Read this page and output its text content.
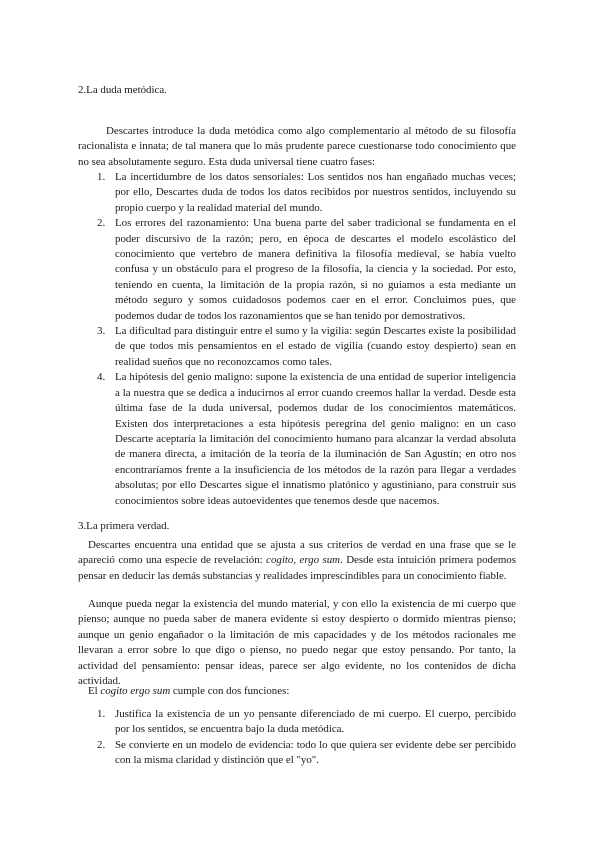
2.La duda metódica.
Descartes introduce la duda metódica como algo complementario al método de su filosofía racionalista e innata; de tal manera que lo más prudente parece cuestionarse todo conocimiento que no sea absolutamente seguro. Esta duda universal tiene cuatro fases:
1. La incertidumbre de los datos sensoriales: Los sentidos nos han engañado muchas veces; por ello, Descartes duda de todos los datos recibidos por nuestros sentidos, incluyendo su propio cuerpo y la realidad material del mundo.
2. Los errores del razonamiento: Una buena parte del saber tradicional se fundamenta en el poder discursivo de la razón; pero, en época de descartes el modelo escolástico del conocimiento que vertebro de manera definitiva la filosofía medieval, se había vuelto confusa y un obstáculo para el progreso de la filosofía, la ciencia y la sociedad. Por esto, teniendo en cuenta, la limitación de la propia razón, si no guiamos a esta mediante un método seguro y somos cuidadosos podemos caer en el error. Concluimos pues, que podemos dudar de todos los razonamientos que se han tenido por demostrativos.
3. La dificultad para distinguir entre el sumo y la vigilia: según Descartes existe la posibilidad de que todos mis pensamientos en el estado de vigilia (cuando estoy despierto) sean en realidad sueños que no reconozcamos como tales.
4. La hipótesis del genio maligno: supone la existencia de una entidad de superior inteligencia a la nuestra que se dedica a inducirnos al error cuando creemos hallar la verdad. Desde esta última fase de la duda universal, podemos dudar de los conocimientos matemáticos. Existen dos interpretaciones a esta hipótesis peregrina del genio maligno: en un caso Descarte aceptaría la limitación del conocimiento humano para alcanzar la verdad absoluta de manera directa, a imitación de la teoría de la iluminación de San Agustín; en otro nos encontraríamos frente a la insuficiencia de los métodos de la razón para llegar a verdades absolutas; por ello Descartes sigue el innatismo platónico y agustiniano, para construir sus conocimientos sobre ideas autoevidentes que tenemos desde que nacemos.
3.La primera verdad.
Descartes encuentra una entidad que se ajusta a sus criterios de verdad en una frase que se le apareció como una especie de revelación: cogito, ergo sum. Desde esta intuición primera podemos pensar en deducir las demás substancias y realidades imprescindibles para un conocimiento fiable.
Aunque pueda negar la existencia del mundo material, y con ello la existencia de mi cuerpo que pienso; aunque no pueda saber de manera evidente si estoy despierto o dormido mientras pienso; aunque un genio engañador o la limitación de mis capacidades y de los métodos racionales me llevaran a error sobre lo que digo o pienso, no puedo negar que estoy pensando. Por tanto, la actividad del pensamiento: pensar ideas, parece ser algo evidente, no los contenidos de dicha actividad.
El cogito ergo sum cumple con dos funciones:
1. Justifica la existencia de un yo pensante diferenciado de mi cuerpo. El cuerpo, percibido por los sentidos, se encuentra bajo la duda metódica.
2. Se convierte en un modelo de evidencia: todo lo que quiera ser evidente debe ser percibido con la misma claridad y distinción que el "yo".
